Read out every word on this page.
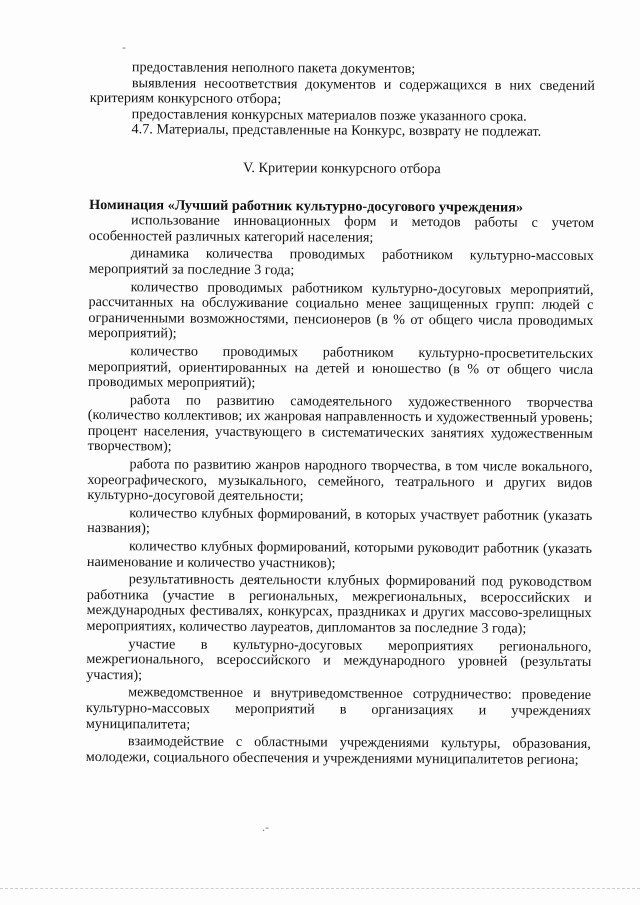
-

предоставления неполного пакета документов;

выявления несоответствия документов и содержащихся в них сведений критериям конкурсного отбора;

предоставления конкурсных материалов позже указанного срока.

4.7. Материалы, представленные на Конкурс, возврату не подлежат.

V. Критерии конкурсного отбора

Номинация «Лучший работник культурно-досугового учреждения»

использование инновационных форм и методов работы с учетом особенностей различных категорий населения;

динамика количества проводимых работником культурно-массовых мероприятий за последние 3 года;

количество проводимых работником культурно-досуговых мероприятий, рассчитанных на обслуживание социально менее защищенных групп: людей с ограниченными возможностями, пенсионеров (в % от общего числа проводимых мероприятий);

количество проводимых работником культурно-просветительских мероприятий, ориентированных на детей и юношество (в % от общего числа проводимых мероприятий);

работа по развитию самодеятельного художественного творчества (количество коллективов; их жанровая направленность и художественный уровень; процент населения, участвующего в систематических занятиях художественным творчеством);

работа по развитию жанров народного творчества, в том числе вокального, хореографического, музыкального, семейного, театрального и других видов культурно-досуговой деятельности;

количество клубных формирований, в которых участвует работник (указать названия);

количество клубных формирований, которыми руководит работник (указать наименование и количество участников);

результативность деятельности клубных формирований под руководством работника (участие в региональных, межрегиональных, всероссийских и международных фестивалях, конкурсах, праздниках и других массово-зрелищных мероприятиях, количество лауреатов, дипломантов за последние 3 года);

участие в культурно-досуговых мероприятиях регионального, межрегионального, всероссийского и международного уровней (результаты участия);

межведомственное и внутриведомственное сотрудничество: проведение культурно-массовых мероприятий в организациях и учреждениях муниципалитета;

взаимодействие с областными учреждениями культуры, образования, молодежи, социального обеспечения и учреждениями муниципалитетов региона;

.-
